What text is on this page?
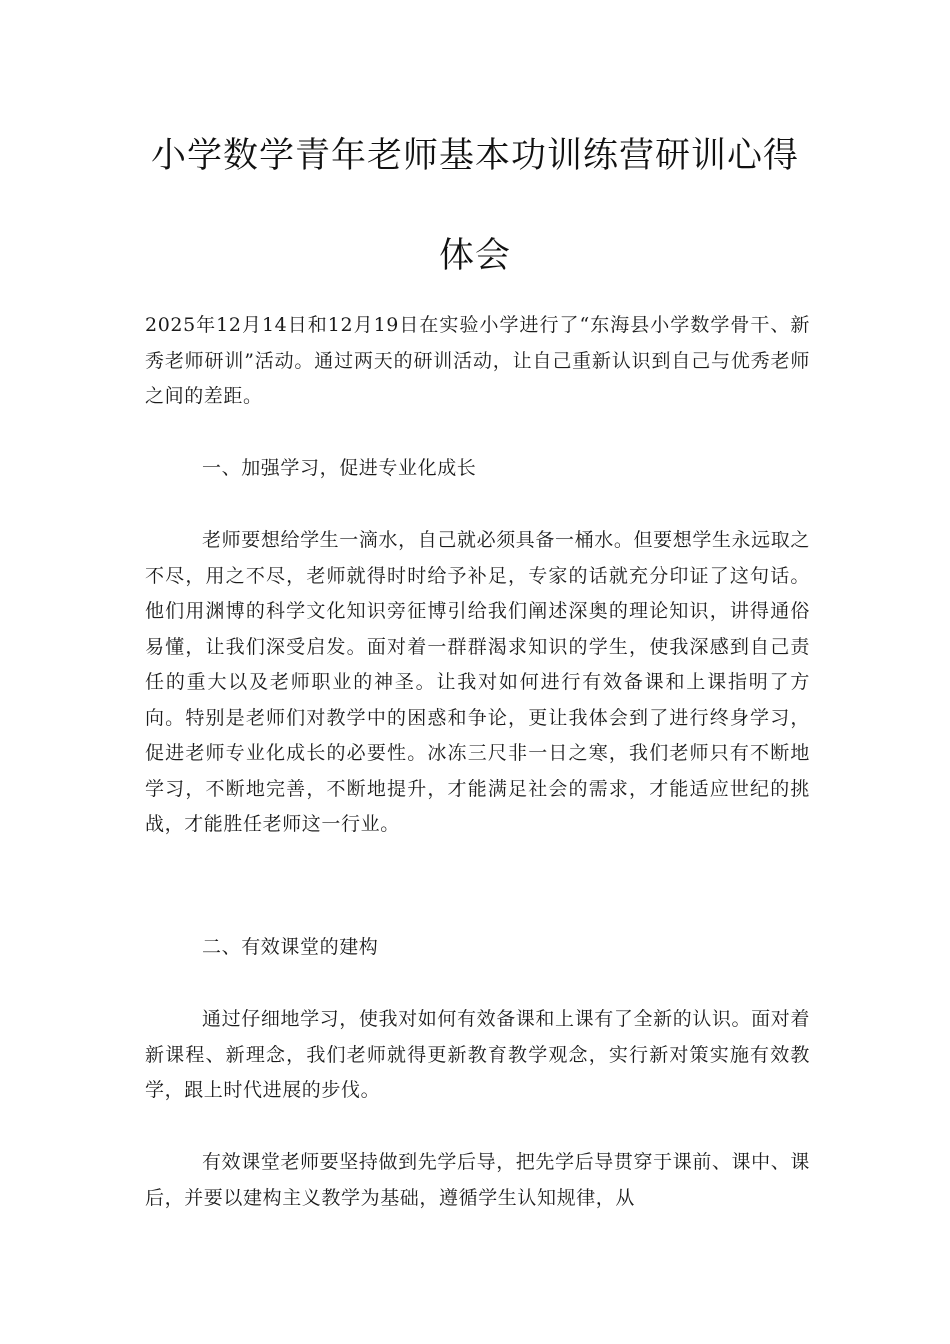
小学数学青年老师基本功训练营研训心得
体会

2025年12月14日和12月19日在实验小学进行了“东海县小学数学骨干、新秀老师研训”活动。通过两天的研训活动，让自己重新认识到自己与优秀老师之间的差距。

一、加强学习，促进专业化成长

老师要想给学生一滴水，自己就必须具备一桶水。但要想学生永远取之不尽，用之不尽，老师就得时时给予补足，专家的话就充分印证了这句话。他们用渊博的科学文化知识旁征博引给我们阐述深奥的理论知识，讲得通俗易懂，让我们深受启发。面对着一群群渴求知识的学生，使我深感到自己责任的重大以及老师职业的神圣。让我对如何进行有效备课和上课指明了方向。特别是老师们对教学中的困惑和争论，更让我体会到了进行终身学习，促进老师专业化成长的必要性。冰冻三尺非一日之寒，我们老师只有不断地学习，不断地完善，不断地提升，才能满足社会的需求，才能适应世纪的挑战，才能胜任老师这一行业。

二、有效课堂的建构

通过仔细地学习，使我对如何有效备课和上课有了全新的认识。面对着新课程、新理念，我们老师就得更新教育教学观念，实行新对策实施有效教学，跟上时代进展的步伐。

有效课堂老师要坚持做到先学后导，把先学后导贯穿于课前、课中、课后，并要以建构主义教学为基础，遵循学生认知规律，从
